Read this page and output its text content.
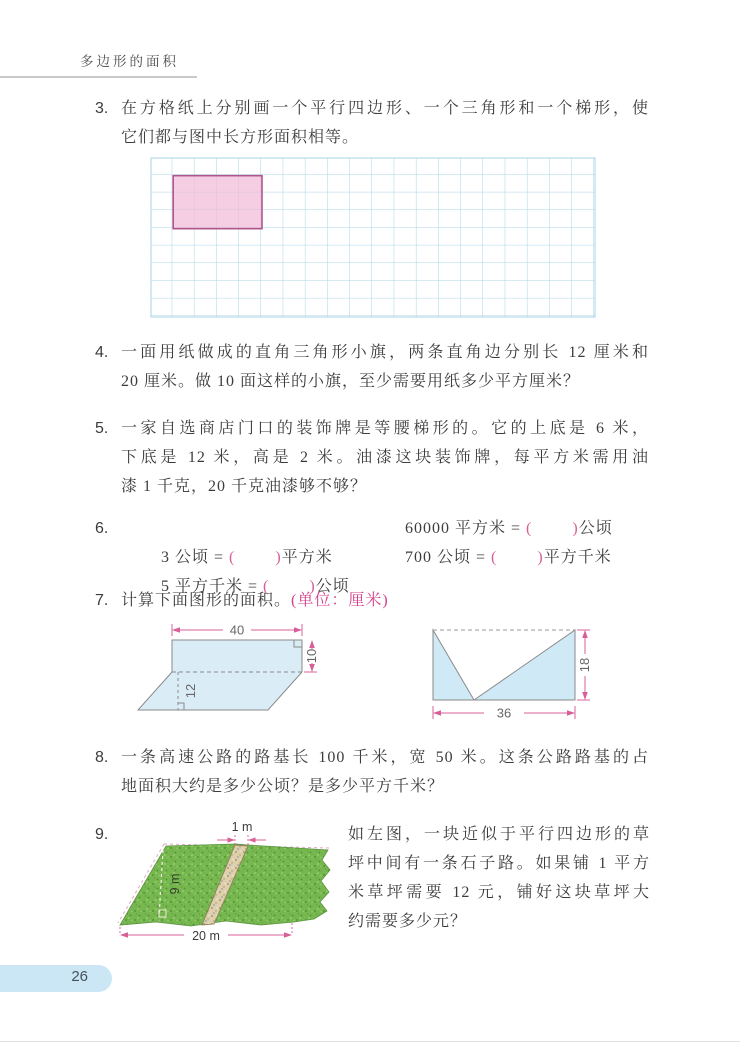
多边形的面积
3. 在方格纸上分别画一个平行四边形、一个三角形和一个梯形，使
它们都与图中长方形面积相等。
4. 一面用纸做成的直角三角形小旗，两条直角边分别长 12 厘米和
20 厘米。做 10 面这样的小旗，至少需要用纸多少平方厘米？
5. 一家自选商店门口的装饰牌是等腰梯形的。它的上底是 6 米，
下底是 12 米，高是 2 米。油漆这块装饰牌，每平方米需用油
漆 1 千克，20 千克油漆够不够？
6.

3 公顷 = (        )平方米

60000 平方米 = (        )公顷

5 平方千米 = (        )公顷

700 公顷 = (        )平方千米

7. 计算下面图形的面积。(单位：厘米)
40
10
12
18
36
8. 一条高速公路的路基长 100 千米，宽 50 米。这条公路路基的占
地面积大约是多少公顷？是多少平方千米？
9.	1 m
9 m
20 m
如左图，一块近似于平行四边形的草
坪中间有一条石子路。如果铺 1 平方
米草坪需要 12 元，铺好这块草坪大
约需要多少元？
26
